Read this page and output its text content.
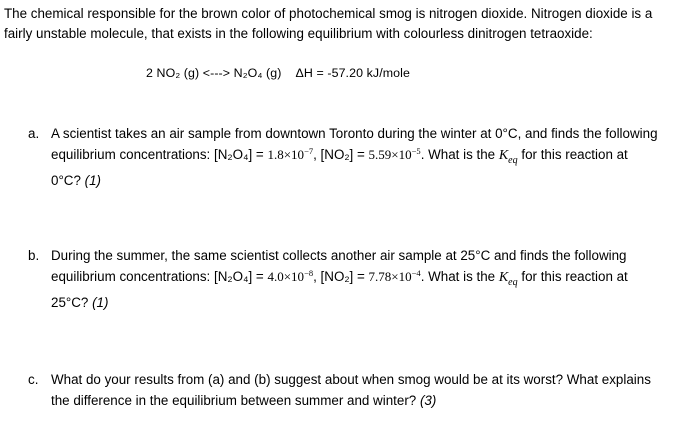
The chemical responsible for the brown color of photochemical smog is nitrogen dioxide. Nitrogen dioxide is a
fairly unstable molecule, that exists in the following equilibrium with colourless dinitrogen tetraoxide:
2 NO₂ (g) <---> N₂O₄ (g) ΔH = -57.20 kJ/mole
a. A scientist takes an air sample from downtown Toronto during the winter at 0°C, and finds the following
equilibrium concentrations: $[N_2O_4] = 1.8\times 10^{-7}$, $[NO_2] = 5.59\times 10^{-5}$. What is the $K_{eq}$ for this reaction at
0°C? (1)
b. During the summer, the same scientist collects another air sample at 25°C and finds the following
equilibrium concentrations: $[N_2O_4] = 4.0\times 10^{-8}$, $[NO_2] = 7.78\times 10^{-4}$. What is the $K_{eq}$ for this reaction at
25°C? (1)
c. What do your results from (a) and (b) suggest about when smog would be at its worst? What explains
the difference in the equilibrium between summer and winter? (3)
